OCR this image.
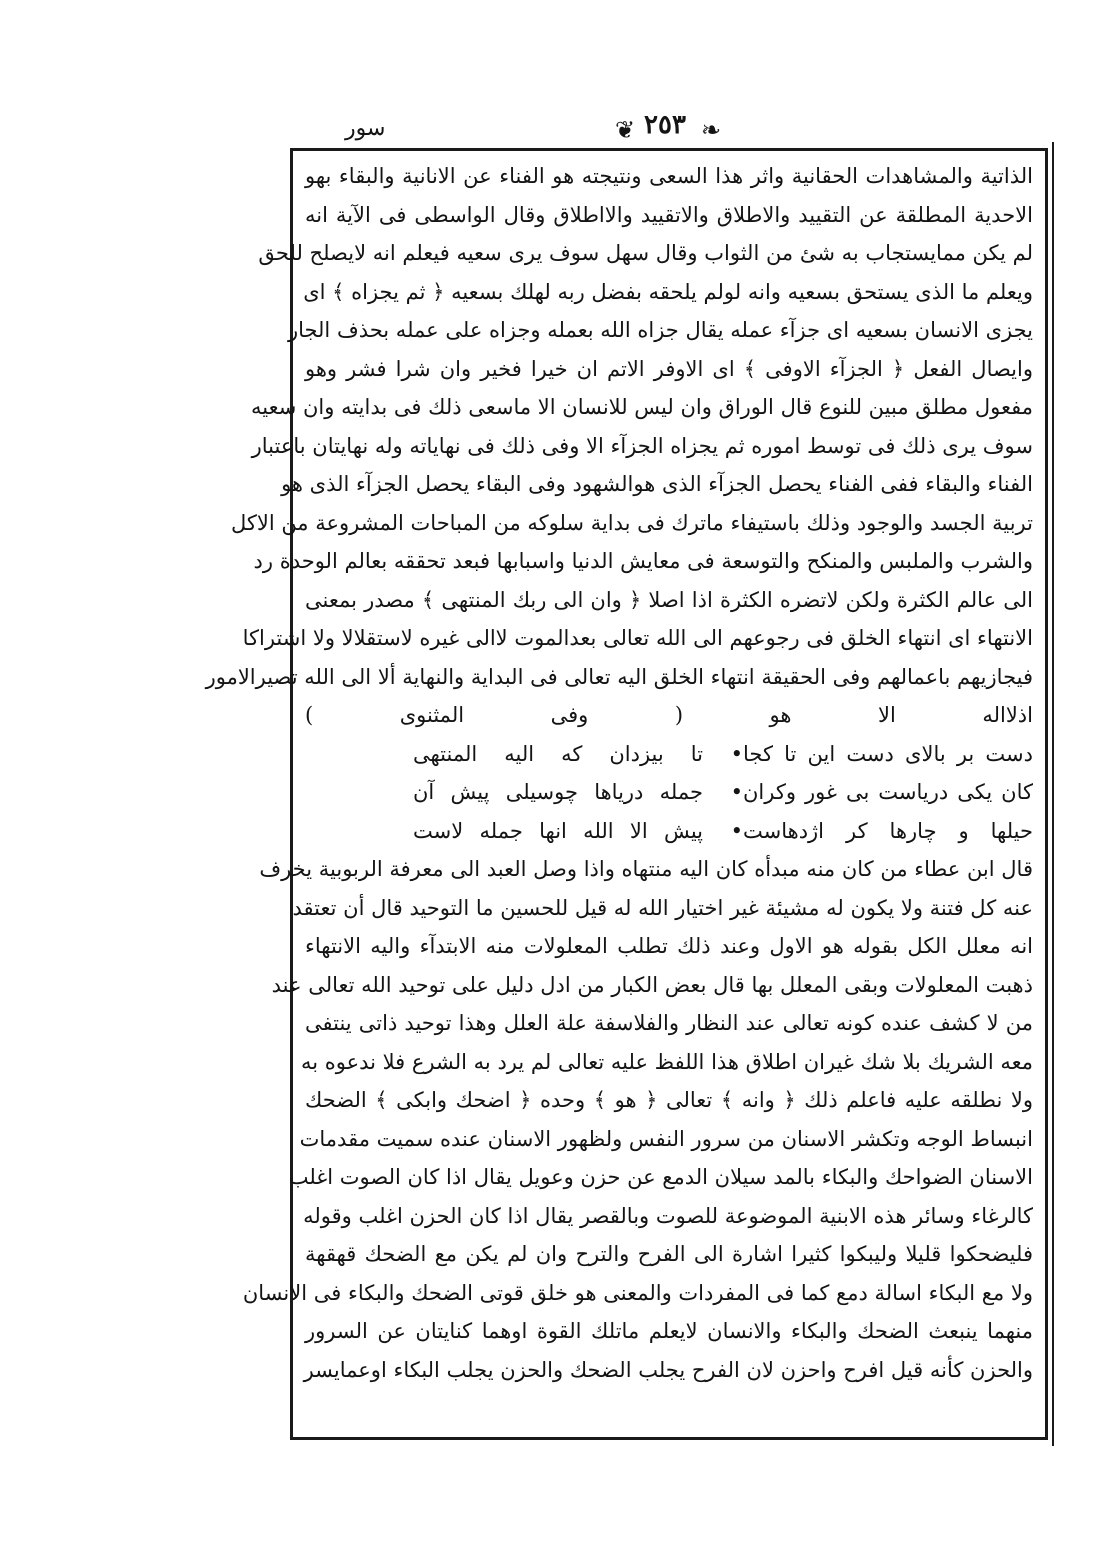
سور	❦ ٢٥٣ ❧
الذاتية والمشاهدات الحقانية واثر هذا السعى ونتيجته هو الفناء عن الانانية والبقاء بهو
الاحدية المطلقة عن التقييد والاطلاق والاتقييد والااطلاق وقال الواسطى فى الآية انه
لم يكن ممايستجاب به شئ من الثواب وقال سهل سوف يرى سعيه فيعلم انه لايصلح للحق
ويعلم ما الذى يستحق بسعيه وانه لولم يلحقه بفضل ربه لهلك بسعيه ﴿ ثم يجزاه ﴾ اى
يجزى الانسان بسعيه اى جزآء عمله يقال جزاه الله بعمله وجزاه على عمله بحذف الجار
وايصال الفعل ﴿ الجزآء الاوفى ﴾ اى الاوفر الاتم ان خيرا فخير وان شرا فشر وهو
مفعول مطلق مبين للنوع قال الوراق وان ليس للانسان الا ماسعى ذلك فى بدايته وان سعيه
سوف يرى ذلك فى توسط اموره ثم يجزاه الجزآء الا وفى ذلك فى نهاياته وله نهايتان باعتبار
الفناء والبقاء ففى الفناء يحصل الجزآء الذى هوالشهود وفى البقاء يحصل الجزآء الذى هو
تربية الجسد والوجود وذلك باستيفاء ماترك فى بداية سلوكه من المباحات المشروعة من الاكل
والشرب والملبس والمنكح والتوسعة فى معايش الدنيا واسبابها فبعد تحققه بعالم الوحدة رد
الى عالم الكثرة ولكن لاتضره الكثرة اذا اصلا ﴿ وان الى ربك المنتهى ﴾ مصدر بمعنى
الانتهاء اى انتهاء الخلق فى رجوعهم الى الله تعالى بعدالموت لاالى غيره لاستقلالا ولا اشتراكا
فيجازيهم باعمالهم وفى الحقيقة انتهاء الخلق اليه تعالى فى البداية والنهاية ألا الى الله تصيرالامور
اذلااله الا هو ( وفى المثنوى )
دست بر بالاى دست اين تا كجا•تا بيزدان كه اليه المنتهى
كان يكى درياست بى غور وكران•جمله درياها چوسيلى پيش آن
حيلها و چارها كر اژدهاست•پيش الا الله انها جمله لاست
قال ابن عطاء من كان منه مبدأه كان اليه منتهاه واذا وصل العبد الى معرفة الربوبية يخرف
عنه كل فتنة ولا يكون له مشيئة غير اختيار الله له قيل للحسين ما التوحيد قال أن تعتقد
انه معلل الكل بقوله هو الاول وعند ذلك تطلب المعلولات منه الابتدآء واليه الانتهاء
ذهبت المعلولات وبقى المعلل بها قال بعض الكبار من ادل دليل على توحيد الله تعالى عند
من لا كشف عنده كونه تعالى عند النظار والفلاسفة علة العلل وهذا توحيد ذاتى ينتفى
معه الشريك بلا شك غيران اطلاق هذا اللفظ عليه تعالى لم يرد به الشرع فلا ندعوه به
ولا نطلقه عليه فاعلم ذلك ﴿ وانه ﴾ تعالى ﴿ هو ﴾ وحده ﴿ اضحك وابكى ﴾ الضحك
انبساط الوجه وتكشر الاسنان من سرور النفس ولظهور الاسنان عنده سميت مقدمات
الاسنان الضواحك والبكاء بالمد سيلان الدمع عن حزن وعويل يقال اذا كان الصوت اغلب
كالرغاء وسائر هذه الابنية الموضوعة للصوت وبالقصر يقال اذا كان الحزن اغلب وقوله
فليضحكوا قليلا وليبكوا كثيرا اشارة الى الفرح والترح وان لم يكن مع الضحك قهقهة
ولا مع البكاء اسالة دمع كما فى المفردات والمعنى هو خلق قوتى الضحك والبكاء فى الانسان
منهما ينبعث الضحك والبكاء والانسان لايعلم ماتلك القوة اوهما كنايتان عن السرور
والحزن كأنه قيل افرح واحزن لان الفرح يجلب الضحك والحزن يجلب البكاء اوعمايسر
